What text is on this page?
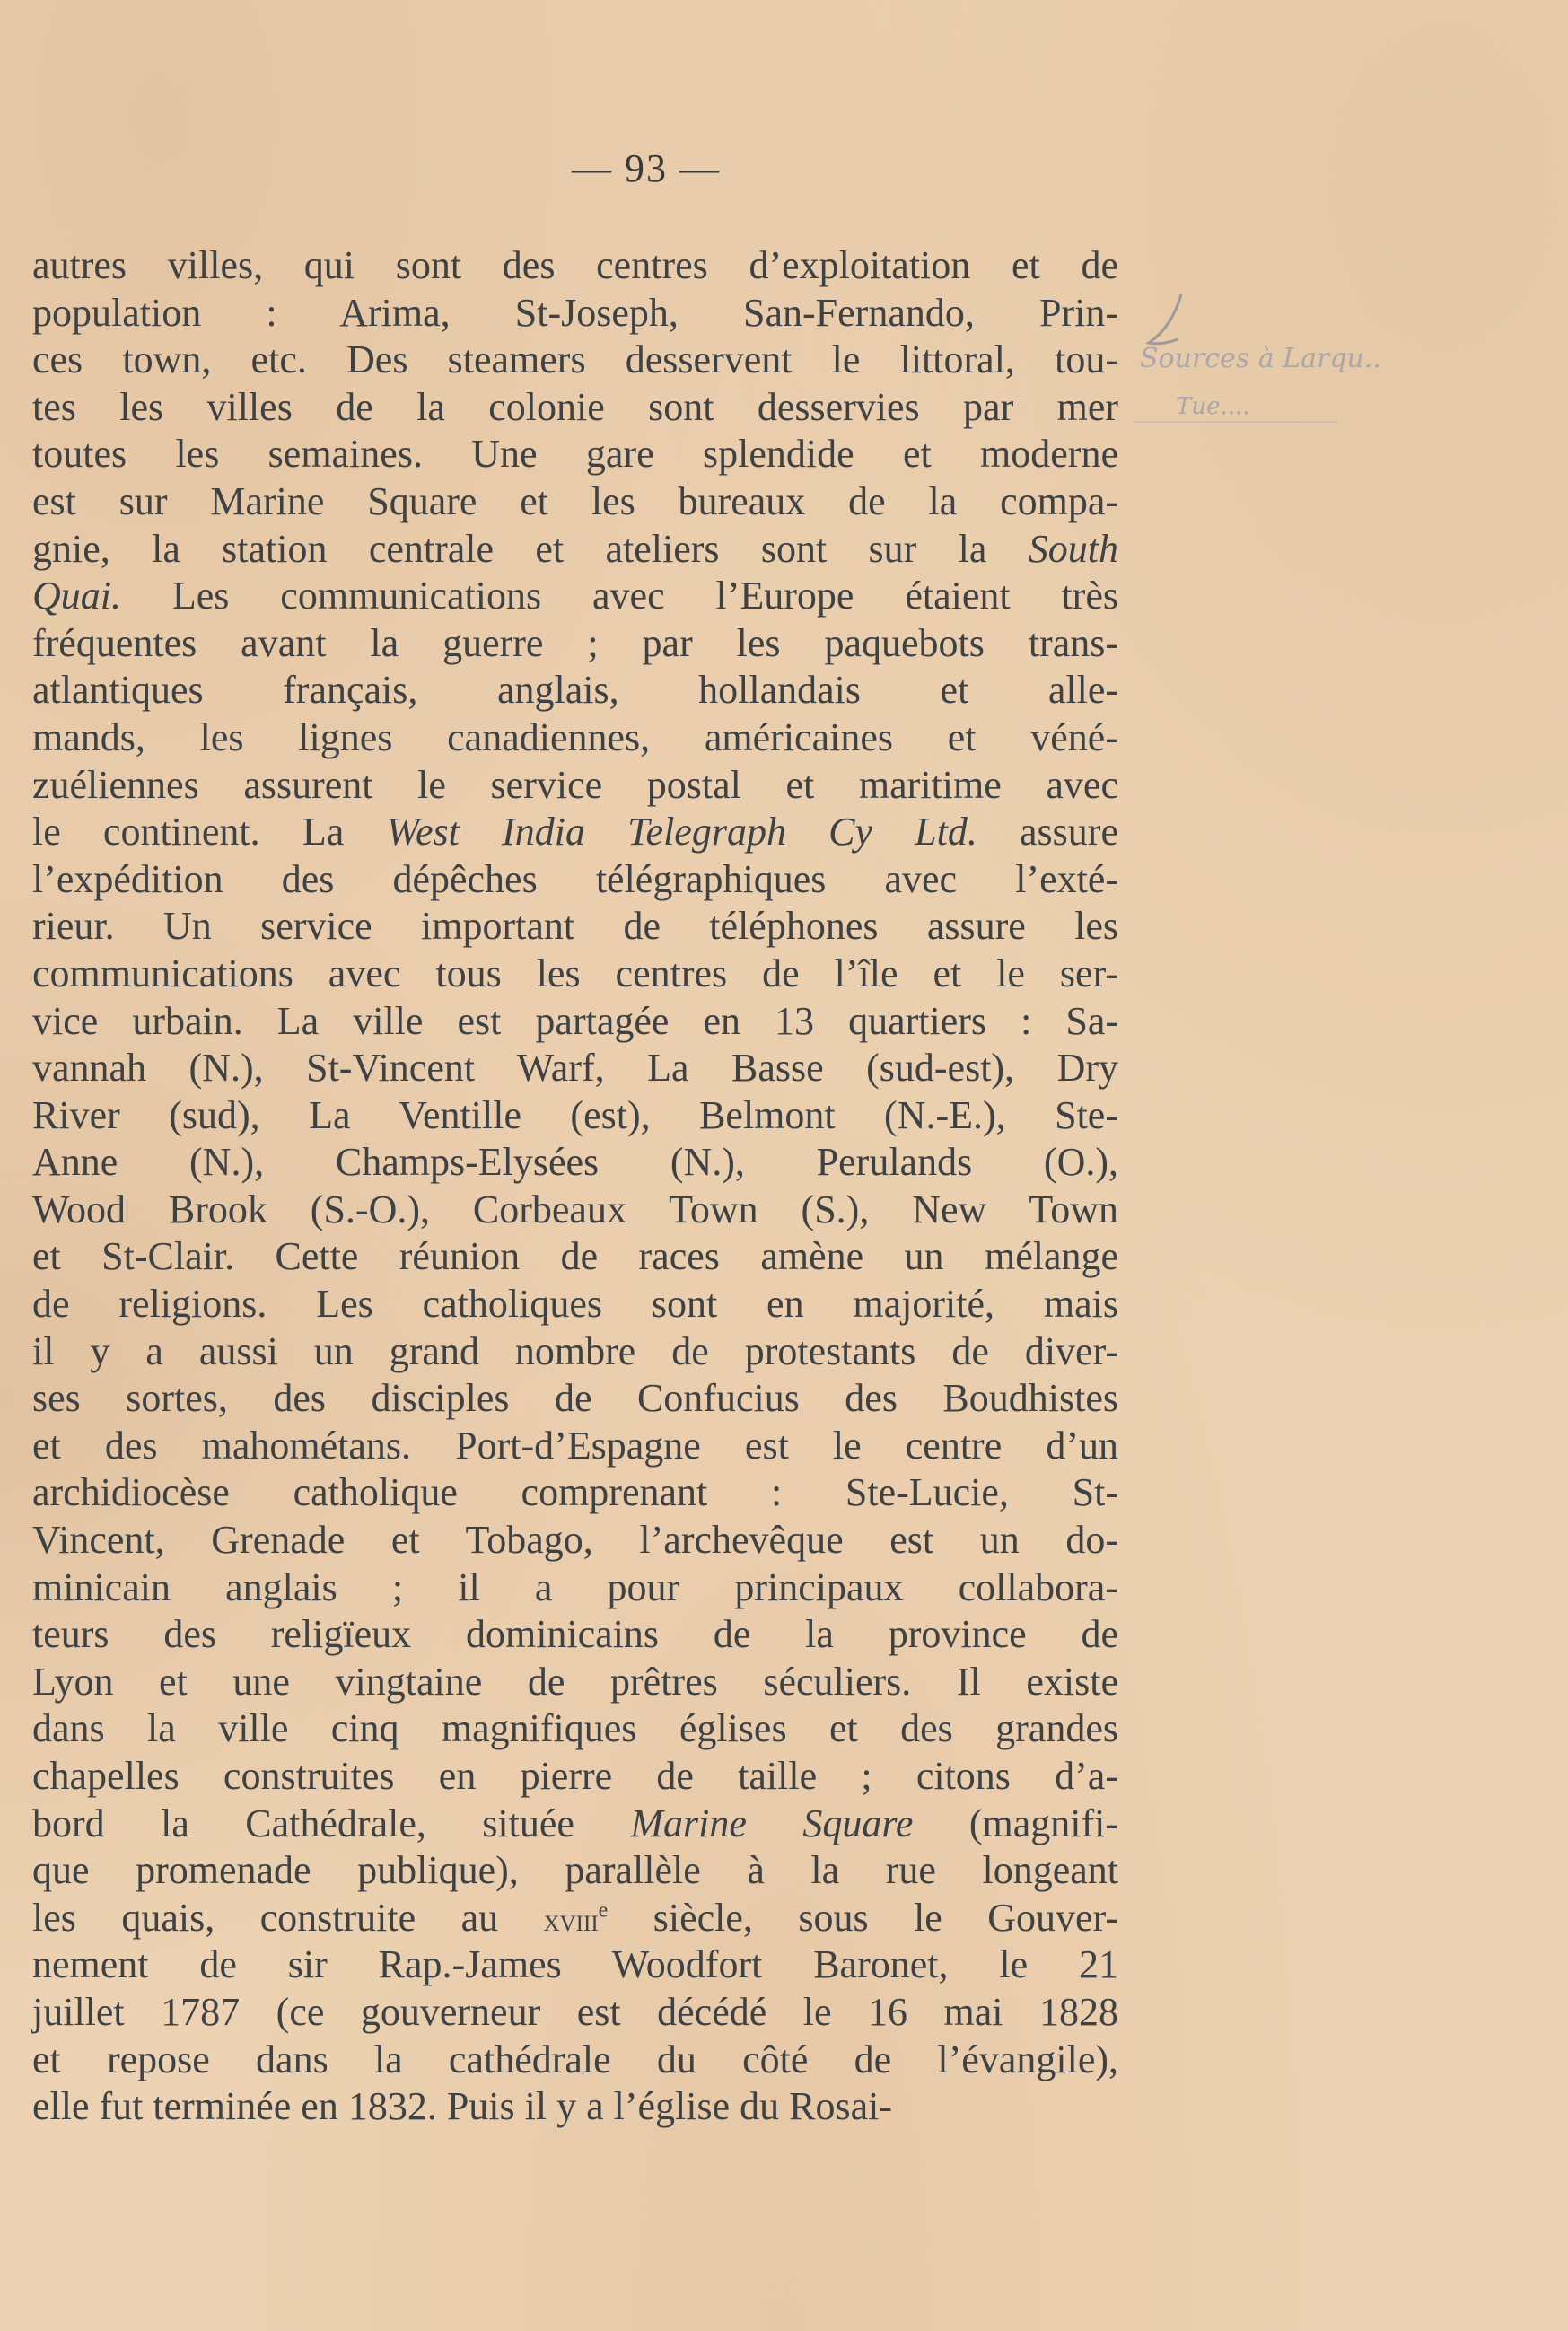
— 93 —
autres villes, qui sont des centres d’exploitation et de
population : Arima, St-Joseph, San-Fernando, Prin-
ces town, etc. Des steamers desservent le littoral, tou-
tes les villes de la colonie sont desservies par mer
toutes les semaines. Une gare splendide et moderne
est sur Marine Square et les bureaux de la compa-
gnie, la station centrale et ateliers sont sur la South
Quai. Les communications avec l’Europe étaient très
fréquentes avant la guerre ; par les paquebots trans-
atlantiques français, anglais, hollandais et alle-
mands, les lignes canadiennes, américaines et véné-
zuéliennes assurent le service postal et maritime avec
le continent. La West India Telegraph Cy Ltd. assure
l’expédition des dépêches télégraphiques avec l’exté-
rieur. Un service important de téléphones assure les
communications avec tous les centres de l’île et le ser-
vice urbain. La ville est partagée en 13 quartiers : Sa-
vannah (N.), St-Vincent Warf, La Basse (sud-est), Dry
River (sud), La Ventille (est), Belmont (N.-E.), Ste-
Anne (N.), Champs-Elysées (N.), Perulands (O.),
Wood Brook (S.-O.), Corbeaux Town (S.), New Town
et St-Clair. Cette réunion de races amène un mélange
de religions. Les catholiques sont en majorité, mais
il y a aussi un grand nombre de protestants de diver-
ses sortes, des disciples de Confucius des Boudhistes
et des mahométans. Port-d’Espagne est le centre d’un
archidiocèse catholique comprenant : Ste-Lucie, St-
Vincent, Grenade et Tobago, l’archevêque est un do-
minicain anglais ; il a pour principaux collabora-
teurs des religïeux dominicains de la province de
Lyon et une vingtaine de prêtres séculiers. Il existe
dans la ville cinq magnifiques églises et des grandes
chapelles construites en pierre de taille ; citons d’a-
bord la Cathédrale, située Marine Square (magnifi-
que promenade publique), parallèle à la rue longeant
les quais, construite au xviii$^e$ siècle, sous le Gouver-
nement de sir Rap.-James Woodfort Baronet, le 21
juillet 1787 (ce gouverneur est décédé le 16 mai 1828
et repose dans la cathédrale du côté de l’évangile),
elle fut terminée en 1832. Puis il y a l’église du Rosai-
Sources à Larqu..
Tue....
